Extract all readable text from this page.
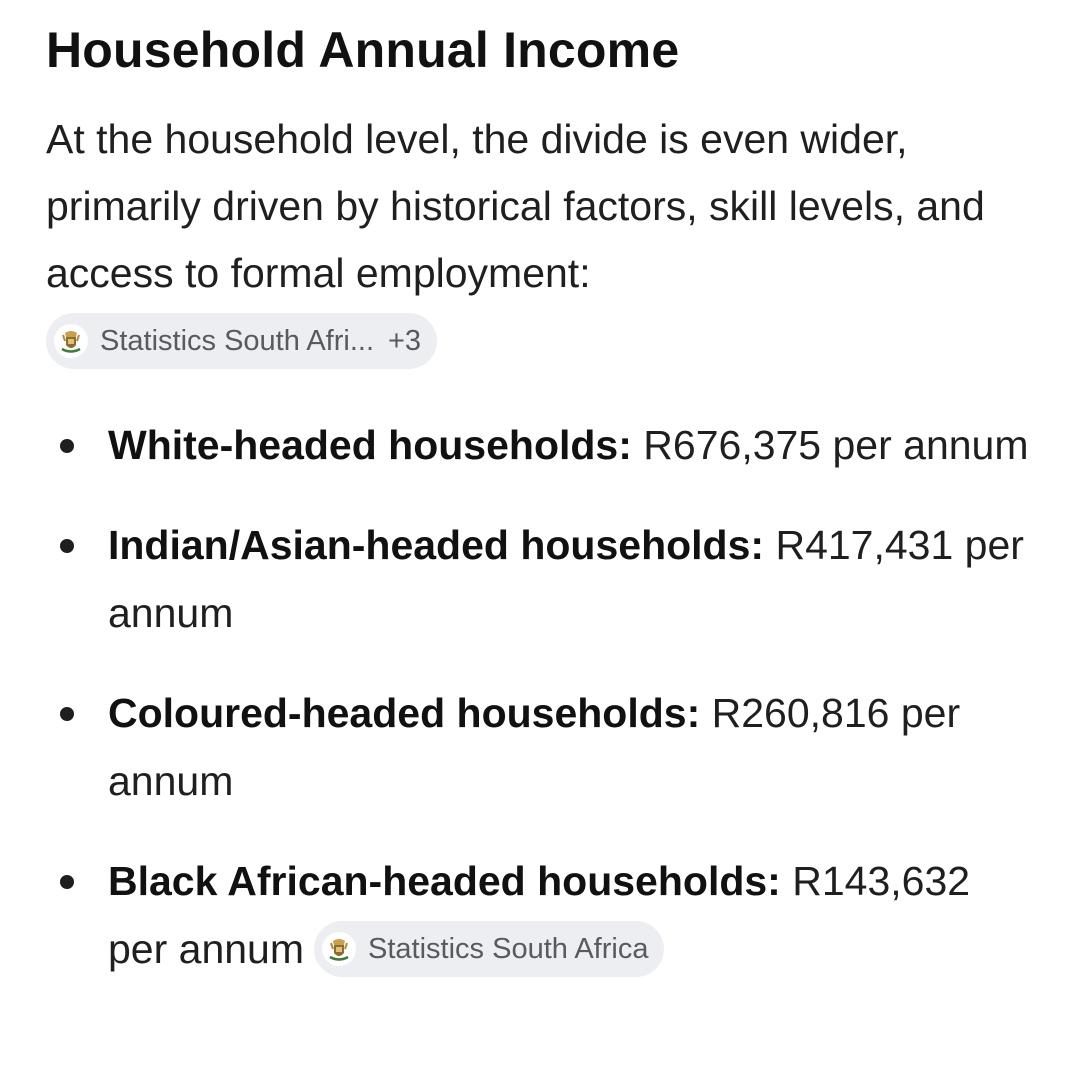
Household Annual Income
At the household level, the divide is even wider, primarily driven by historical factors, skill levels, and access to formal employment:
Statistics South Afri... +3
White-headed households: R676,375 per annum
Indian/Asian-headed households: R417,431 per annum
Coloured-headed households: R260,816 per annum
Black African-headed households: R143,632 per annum Statistics South Africa
